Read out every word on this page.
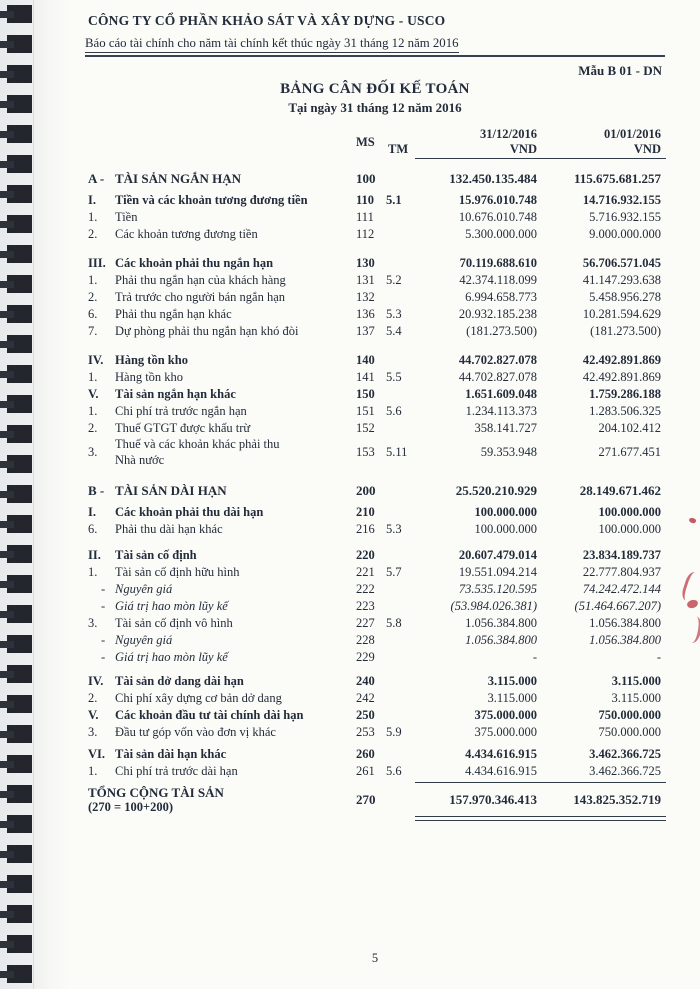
CÔNG TY CỔ PHẦN KHẢO SÁT VÀ XÂY DỰNG - USCO
Báo cáo tài chính cho năm tài chính kết thúc ngày 31 tháng 12 năm 2016
Mẫu B 01 - DN
BẢNG CÂN ĐỐI KẾ TOÁN
Tại ngày 31 tháng 12 năm 2016
MS TM
31/12/2016
VND
01/01/2016
VND
A - TÀI SẢN NGẮN HẠN	100	132.450.135.484	115.675.681.257
I.	Tiền và các khoản tương đương tiền	110 5.1	15.976.010.748	14.716.932.155
1.	Tiền	111	10.676.010.748	5.716.932.155
2.	Các khoản tương đương tiền	112	5.300.000.000	9.000.000.000
III. Các khoản phải thu ngắn hạn	130	70.119.688.610	56.706.571.045
1.	Phải thu ngắn hạn của khách hàng	131 5.2	42.374.118.099	41.147.293.638
2.	Trả trước cho người bán ngắn hạn	132	6.994.658.773	5.458.956.278
6.	Phải thu ngắn hạn khác	136 5.3	20.932.185.238	10.281.594.629
7.	Dự phòng phải thu ngắn hạn khó đòi	137 5.4	(181.273.500)	(181.273.500)
IV. Hàng tồn kho	140	44.702.827.078	42.492.891.869
1.	Hàng tồn kho	141 5.5	44.702.827.078	42.492.891.869
V.	Tài sản ngắn hạn khác	150	1.651.609.048	1.759.286.188
1.	Chi phí trả trước ngắn hạn	151 5.6	1.234.113.373	1.283.506.325
2.	Thuế GTGT được khấu trừ	152	358.141.727	204.102.412
3.
Thuế và các khoản khác phải thu
Nhà nước
153 5.11	59.353.948	271.677.451
B - TÀI SẢN DÀI HẠN	200	25.520.210.929	28.149.671.462
I.	Các khoản phải thu dài hạn	210	100.000.000	100.000.000
6.	Phải thu dài hạn khác	216 5.3	100.000.000	100.000.000
II.	Tài sản cố định	220	20.607.479.014	23.834.189.737
1.	Tài sản cố định hữu hình	221 5.7	19.551.094.214	22.777.804.937
- Nguyên giá	222	73.535.120.595	74.242.472.144
- Giá trị hao mòn lũy kế	223	(53.984.026.381)	(51.464.667.207)
3.	Tài sản cố định vô hình	227 5.8	1.056.384.800	1.056.384.800
- Nguyên giá	228	1.056.384.800	1.056.384.800
- Giá trị hao mòn lũy kế	229	-	-
IV. Tài sản dở dang dài hạn	240	3.115.000	3.115.000
2.	Chi phí xây dựng cơ bản dở dang	242	3.115.000	3.115.000
V.	Các khoản đầu tư tài chính dài hạn	250	375.000.000	750.000.000
3.	Đầu tư góp vốn vào đơn vị khác	253 5.9	375.000.000	750.000.000
VI. Tài sản dài hạn khác	260	4.434.616.915	3.462.366.725
1.	Chi phí trả trước dài hạn	261 5.6	4.434.616.915	3.462.366.725
TỔNG CỘNG TÀI SẢN
(270 = 100+200)	270	157.970.346.413	143.825.352.719
5
